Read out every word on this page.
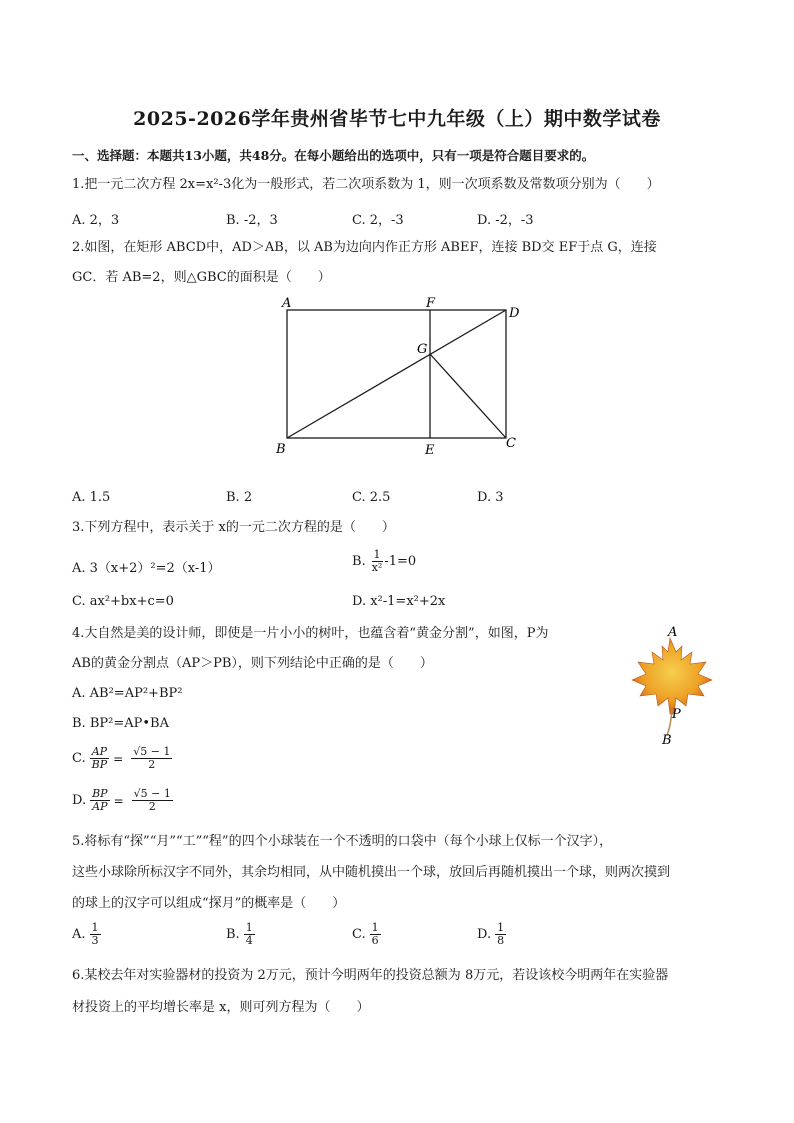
2025-2026学年贵州省毕节七中九年级（上）期中数学试卷
一、选择题：本题共13小题，共48分。在每小题给出的选项中，只有一项是符合题目要求的。
1.把一元二次方程 2x=x²-3化为一般形式，若二次项系数为 1，则一次项系数及常数项分别为（　　）
A. 2，3	B. -2，3	C. 2，-3	D. -2，-3
2.如图，在矩形 ABCD中，AD＞AB，以 AB为边向内作正方形 ABEF，连接 BD交 EF于点 G，连接
GC．若 AB=2，则△GBC的面积是（　　）
A	F
D
G
B	E	C
A. 1.5	B. 2	C. 2.5	D. 3
3.下列方程中，表示关于 x的一元二次方程的是（　　）
A. 3（x+2）²=2（x-1）	B. $\frac{1}{\text{x²}} -1=0$
C. ax²+bx+c=0	D. x²-1=x²+2x
4.大自然是美的设计师，即使是一片小小的树叶，也蕴含着“黄金分割”，如图，P为
AB的黄金分割点（AP＞PB），则下列结论中正确的是（　　）
A. AB²=AP²+BP²
B. BP²=AP•BA
C. $\frac{AP}{BP} = \frac{√5 - 1}{2}$
D. $\frac{BP}{AP} = \frac{√5 - 1}{2}$
A
P
B
5.将标有“探”“月”“工”“程”的四个小球装在一个不透明的口袋中（每个小球上仅标一个汉字），
这些小球除所标汉字不同外，其余均相同，从中随机摸出一个球，放回后再随机摸出一个球，则两次摸到
的球上的汉字可以组成“探月”的概率是（　　）
A. $\frac{1}{3}$	B. $\frac{1}{4}$	C. $\frac{1}{6}$	D. $\frac{1}{8}$
6.某校去年对实验器材的投资为 2万元，预计今明两年的投资总额为 8万元，若设该校今明两年在实验器
材投资上的平均增长率是 x，则可列方程为（　　）
